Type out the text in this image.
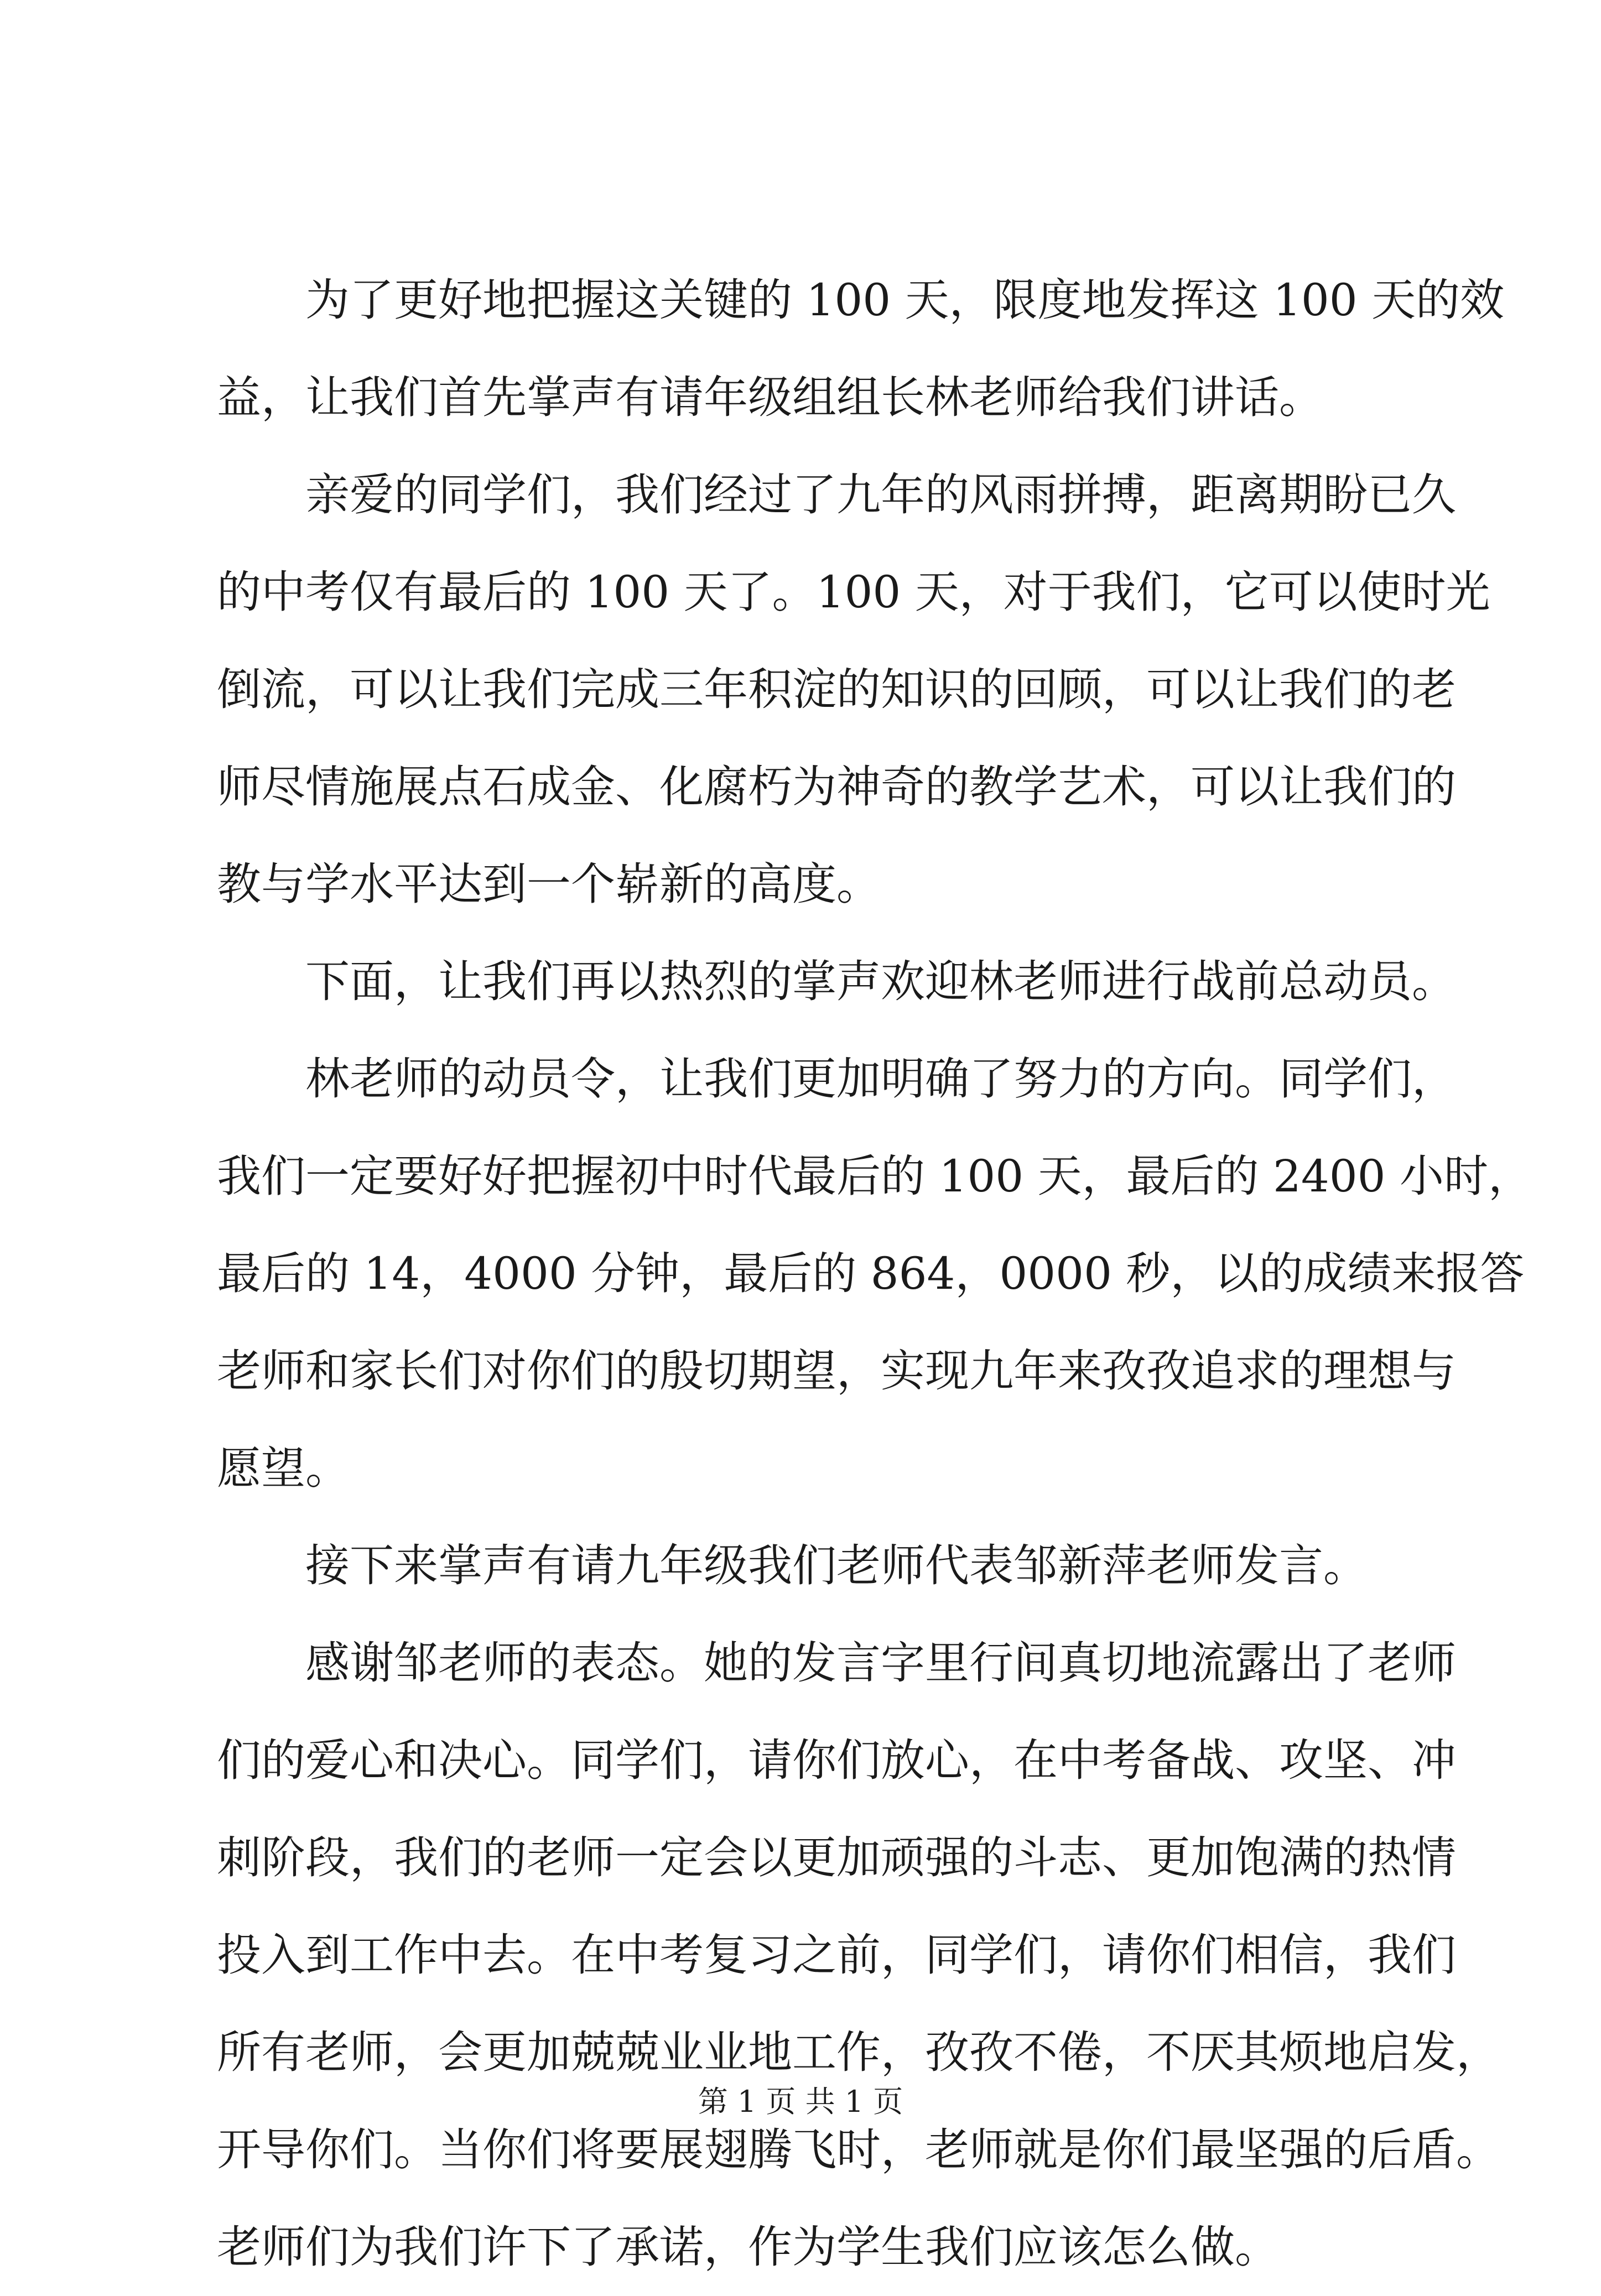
为了更好地把握这关键的 100 天，限度地发挥这 100 天的效
益，让我们首先掌声有请年级组组长林老师给我们讲话。

亲爱的同学们，我们经过了九年的风雨拼搏，距离期盼已久
的中考仅有最后的 100 天了。100 天，对于我们，它可以使时光
倒流，可以让我们完成三年积淀的知识的回顾，可以让我们的老
师尽情施展点石成金、化腐朽为神奇的教学艺术，可以让我们的
教与学水平达到一个崭新的高度。

下面，让我们再以热烈的掌声欢迎林老师进行战前总动员。

林老师的动员令，让我们更加明确了努力的方向。同学们，
我们一定要好好把握初中时代最后的 100 天，最后的 2400 小时，
最后的 14，4000 分钟，最后的 864，0000 秒，以的成绩来报答
老师和家长们对你们的殷切期望，实现九年来孜孜追求的理想与
愿望。

接下来掌声有请九年级我们老师代表邹新萍老师发言。

感谢邹老师的表态。她的发言字里行间真切地流露出了老师
们的爱心和决心。同学们，请你们放心，在中考备战、攻坚、冲
刺阶段，我们的老师一定会以更加顽强的斗志、更加饱满的热情
投入到工作中去。在中考复习之前，同学们，请你们相信，我们
所有老师，会更加兢兢业业地工作，孜孜不倦，不厌其烦地启发，
开导你们。当你们将要展翅腾飞时，老师就是你们最坚强的后盾。
老师们为我们许下了承诺，作为学生我们应该怎么做。

第 1 页 共 1 页
